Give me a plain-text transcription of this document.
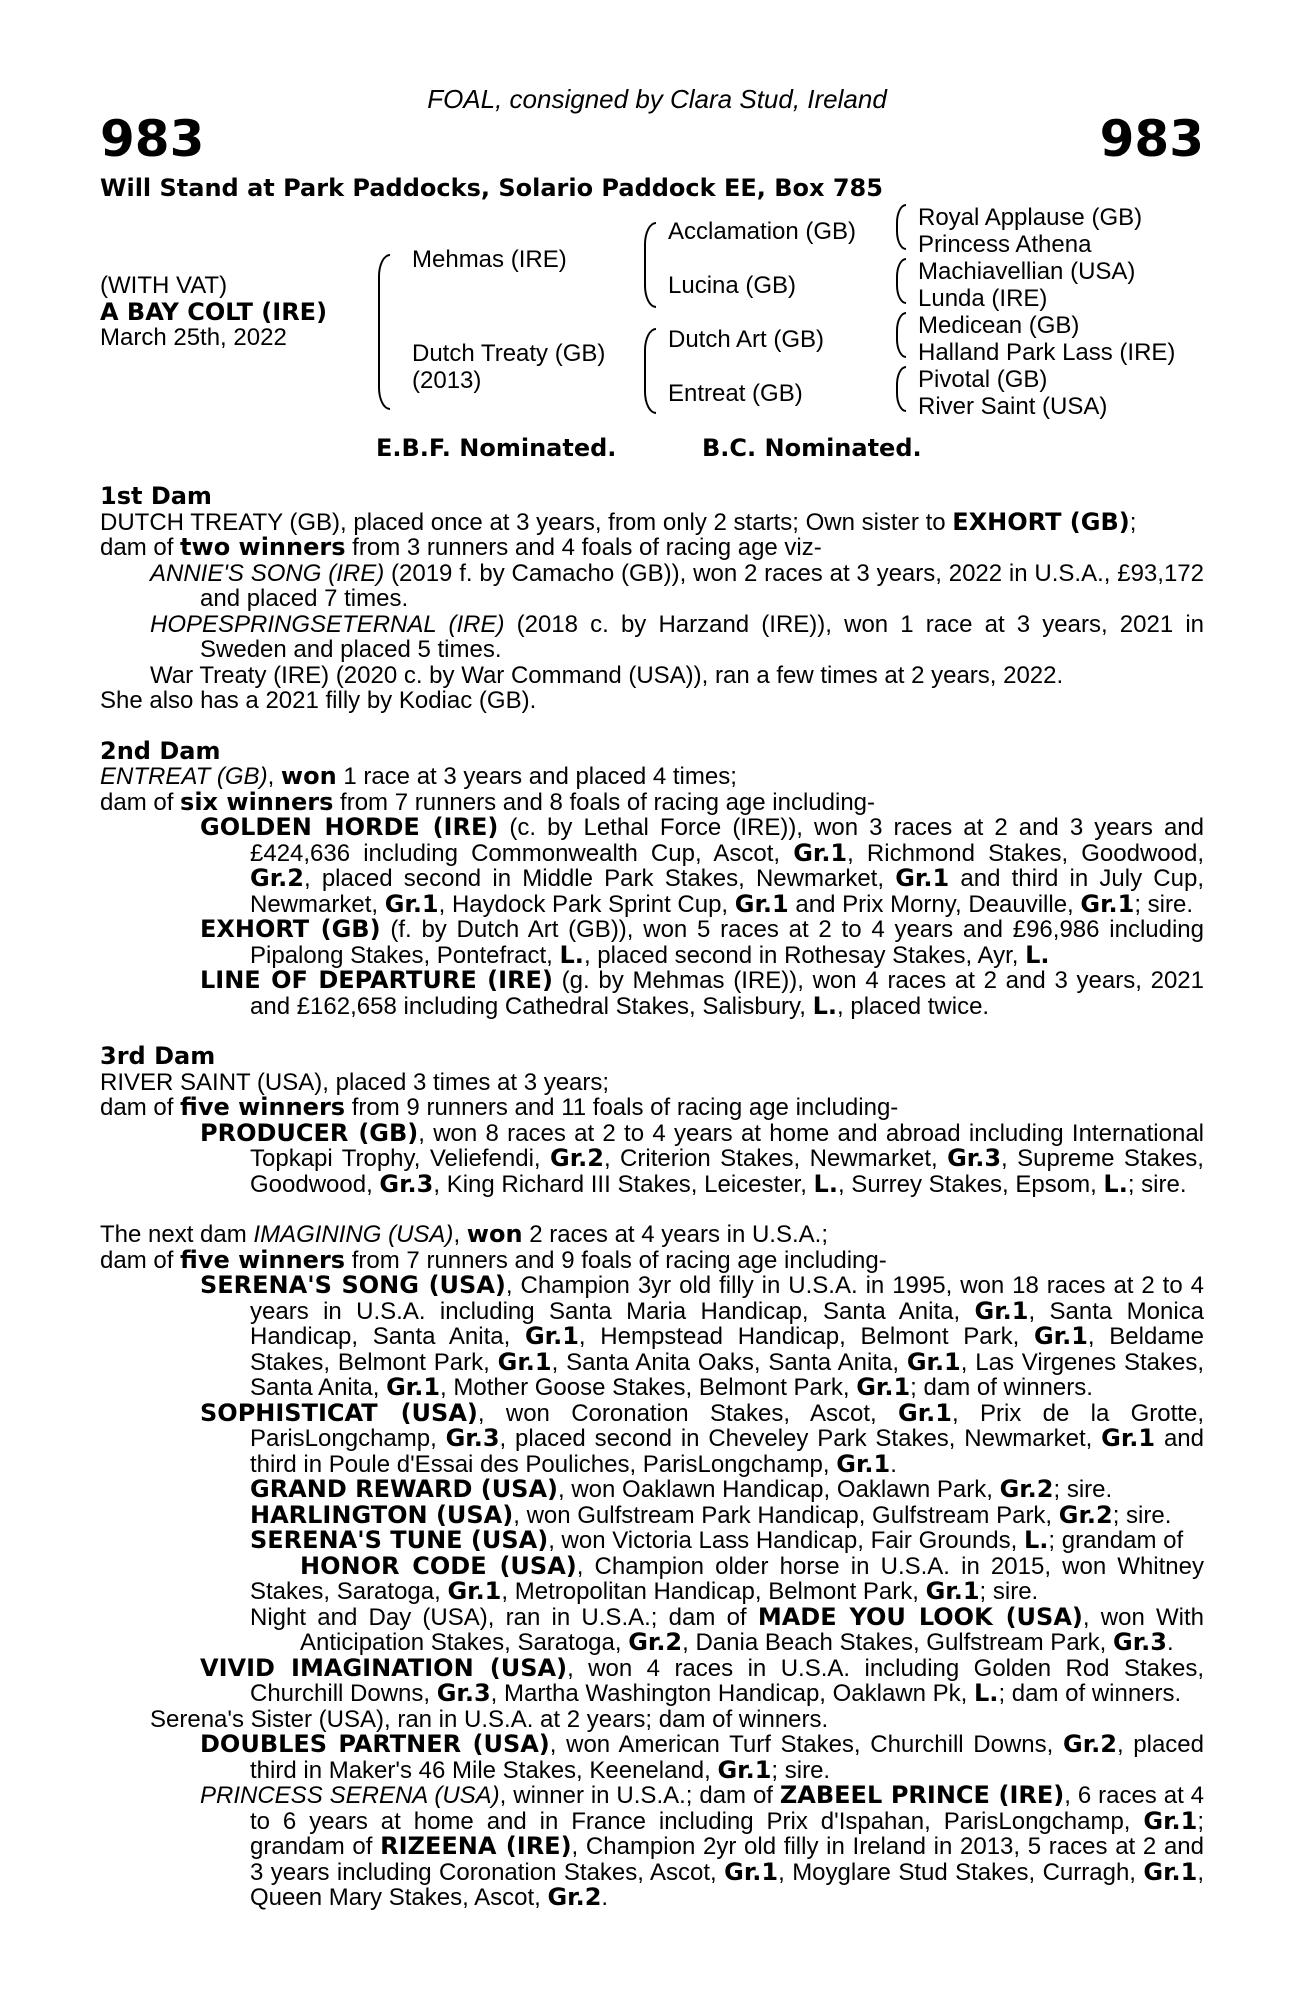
FOAL, consigned by Clara Stud, Ireland
983	983
Will Stand at Park Paddocks, Solario Paddock EE, Box 785
(WITH VAT)
A BAY COLT (IRE)
March 25th, 2022
Mehmas (IRE)
Dutch Treaty (GB)
(2013)
Acclamation (GB)
Lucina (GB)
Dutch Art (GB)
Entreat (GB)
Royal Applause (GB)
Princess Athena
Machiavellian (USA)
Lunda (IRE)
Medicean (GB)
Halland Park Lass (IRE)
Pivotal (GB)
River Saint (USA)
E.B.F. Nominated.	B.C. Nominated.
1st Dam

DUTCH TREATY (GB), placed once at 3 years, from only 2 starts; Own sister to EXHORT (GB);

dam of two winners from 3 runners and 4 foals of racing age viz-

ANNIE'S SONG (IRE) (2019 f. by Camacho (GB)), won 2 races at 3 years, 2022 in U.S.A., £93,172 and placed 7 times.

HOPESPRINGSETERNAL (IRE) (2018 c. by Harzand (IRE)), won 1 race at 3 years, 2021 in Sweden and placed 5 times.

War Treaty (IRE) (2020 c. by War Command (USA)), ran a few times at 2 years, 2022.

She also has a 2021 filly by Kodiac (GB).

2nd Dam

ENTREAT (GB), won 1 race at 3 years and placed 4 times;

dam of six winners from 7 runners and 8 foals of racing age including-

GOLDEN HORDE (IRE) (c. by Lethal Force (IRE)), won 3 races at 2 and 3 years and £424,636 including Commonwealth Cup, Ascot, Gr.1, Richmond Stakes, Goodwood, Gr.2, placed second in Middle Park Stakes, Newmarket, Gr.1 and third in July Cup, Newmarket, Gr.1, Haydock Park Sprint Cup, Gr.1 and Prix Morny, Deauville, Gr.1; sire.

EXHORT (GB) (f. by Dutch Art (GB)), won 5 races at 2 to 4 years and £96,986 including Pipalong Stakes, Pontefract, L., placed second in Rothesay Stakes, Ayr, L.

LINE OF DEPARTURE (IRE) (g. by Mehmas (IRE)), won 4 races at 2 and 3 years, 2021 and £162,658 including Cathedral Stakes, Salisbury, L., placed twice.

3rd Dam

RIVER SAINT (USA), placed 3 times at 3 years;

dam of five winners from 9 runners and 11 foals of racing age including-

PRODUCER (GB), won 8 races at 2 to 4 years at home and abroad including International Topkapi Trophy, Veliefendi, Gr.2, Criterion Stakes, Newmarket, Gr.3, Supreme Stakes, Goodwood, Gr.3, King Richard III Stakes, Leicester, L., Surrey Stakes, Epsom, L.; sire.

The next dam IMAGINING (USA), won 2 races at 4 years in U.S.A.;

dam of five winners from 7 runners and 9 foals of racing age including-

SERENA'S SONG (USA), Champion 3yr old filly in U.S.A. in 1995, won 18 races at 2 to 4 years in U.S.A. including Santa Maria Handicap, Santa Anita, Gr.1, Santa Monica Handicap, Santa Anita, Gr.1, Hempstead Handicap, Belmont Park, Gr.1, Beldame Stakes, Belmont Park, Gr.1, Santa Anita Oaks, Santa Anita, Gr.1, Las Virgenes Stakes, Santa Anita, Gr.1, Mother Goose Stakes, Belmont Park, Gr.1; dam of winners.

SOPHISTICAT (USA), won Coronation Stakes, Ascot, Gr.1, Prix de la Grotte, ParisLongchamp, Gr.3, placed second in Cheveley Park Stakes, Newmarket, Gr.1 and third in Poule d'Essai des Pouliches, ParisLongchamp, Gr.1.

GRAND REWARD (USA), won Oaklawn Handicap, Oaklawn Park, Gr.2; sire.

HARLINGTON (USA), won Gulfstream Park Handicap, Gulfstream Park, Gr.2; sire.

SERENA'S TUNE (USA), won Victoria Lass Handicap, Fair Grounds, L.; grandam of

HONOR CODE (USA), Champion older horse in U.S.A. in 2015, won Whitney Stakes, Saratoga, Gr.1, Metropolitan Handicap, Belmont Park, Gr.1; sire.

Night and Day (USA), ran in U.S.A.; dam of MADE YOU LOOK (USA), won With Anticipation Stakes, Saratoga, Gr.2, Dania Beach Stakes, Gulfstream Park, Gr.3.

VIVID IMAGINATION (USA), won 4 races in U.S.A. including Golden Rod Stakes, Churchill Downs, Gr.3, Martha Washington Handicap, Oaklawn Pk, L.; dam of winners.

Serena's Sister (USA), ran in U.S.A. at 2 years; dam of winners.

DOUBLES PARTNER (USA), won American Turf Stakes, Churchill Downs, Gr.2, placed third in Maker's 46 Mile Stakes, Keeneland, Gr.1; sire.

PRINCESS SERENA (USA), winner in U.S.A.; dam of ZABEEL PRINCE (IRE), 6 races at 4 to 6 years at home and in France including Prix d'Ispahan, ParisLongchamp, Gr.1; grandam of RIZEENA (IRE), Champion 2yr old filly in Ireland in 2013, 5 races at 2 and 3 years including Coronation Stakes, Ascot, Gr.1, Moyglare Stud Stakes, Curragh, Gr.1, Queen Mary Stakes, Ascot, Gr.2.
